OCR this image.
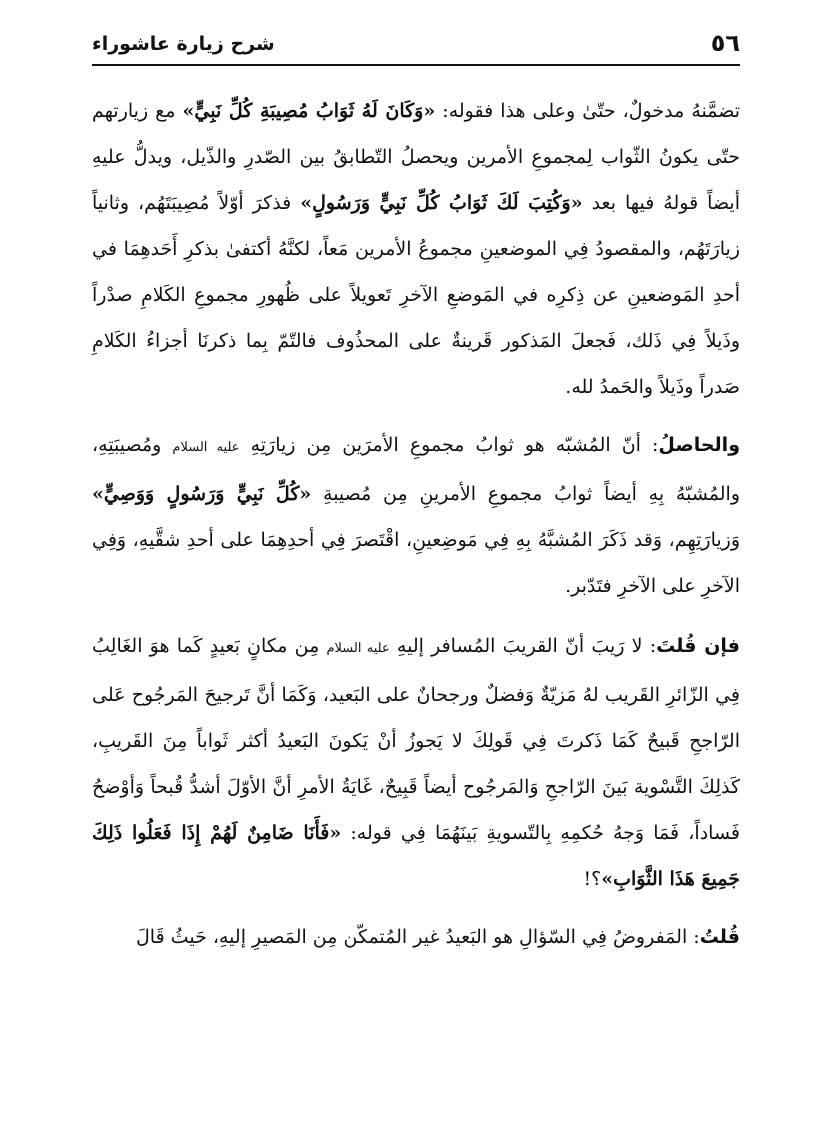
٥٦
شرح زيارة عاشوراء

تضمَّنهُ مدخولٌ، حتّىٰ وعلى هذا فقوله: «وَكَانَ لَهُ ثَوَابُ مُصِيبَةِ كُلِّ نَبِيٍّ» مع زيارتهم حتّى يكونُ الثّواب لِمجموعِ الأمرين ويحصلُ التّطابقُ بين الصّدرِ والذّيل، ويدلُّ عليهِ أيضاً قولهُ فيها بعد «وَكُتِبَ لَكَ ثَوَابُ كُلِّ نَبِيٍّ وَرَسُولٍ» فذكرَ أوّلاً مُصِيبَتَهُم، وثانياً زيارَتَهُم، والمقصودُ فِي الموضعينِ مجموعُ الأمرين مَعاً، لكنَّهُ أكتفىٰ بذكرِ أَحَدهِمَا في أحدِ المَوضعينِ عن ذِكرِه في المَوضعِ الآخرِ تَعويلاً على ظُهورِ مجموعِ الكَلامِ صدْراً وذَيلاً فِي ذَلك، فَجعلَ المَذكور قَرينةٌ على المحذُوف فالتّمّ بِما ذكرنَا أجزاءُ الكَلامِ صَدراً وذَيلاً والحَمدُ لله.

والحاصلُ: أنّ المُشبّه هو ثوابُ مجموعِ الأمرَين مِن زيارَتِهِ عليه السلام ومُصيبَتِهِ، والمُشبّهُ بِهِ أيضاً ثوابُ مجموعِ الأمرينِ مِن مُصيبةِ «كُلِّ نَبِيٍّ وَرَسُولٍ وَوَصِيٍّ» وَزيارَتِهِم، وَقد ذَكَرَ المُشبَّهُ بِهِ فِي مَوضِعينِ، اقْتَصرَ فِي أحدِهِمَا على أحدِ شقَّيهِ، وَفِي الآخرِ على الآخرِ فتَدّبر.

فإن قُلتَ: لا رَيبَ أنّ القريبَ المُسافر إليهِ عليه السلام مِن مكانٍ بَعيدٍ كَما هوَ الغَالِبُ فِي الزّائرِ القَريب لهُ مَزيّةٌ وَفضلٌ ورجحانٌ على البَعيد، وَكَمَا أنَّ تَرجيحَ المَرجُوح عَلى الرّاجحِ قَبيحٌ كَمَا ذَكرتَ فِي قَولِكَ لا يَجوزُ أنْ يَكونَ البَعيدُ أكثر ثَواباً مِنَ القَريبِ، كَذلِكَ التَّسْوية بَينَ الرّاجحِ وَالمَرجُوح أيضاً قَبِيحٌ، غَايَةُ الأمرِ أنَّ الأوّلَ أشدُّ قُبحاً وَأوْضحُ فَساداً، فَمَا وَجهُ حُكمِهِ بِالتّسويةِ بَينَهُمَا فِي قوله: «فَأَنَا ضَامِنٌ لَهُمْ إِذَا فَعَلُوا ذَلِكَ جَمِيعَ هَذَا الثَّوَابِ»؟!

قُلتُ: المَفروضُ فِي السّؤالِ هو البَعيدُ غير المُتمكّن مِن المَصيرِ إليهِ، حَيثُ قَالَ
